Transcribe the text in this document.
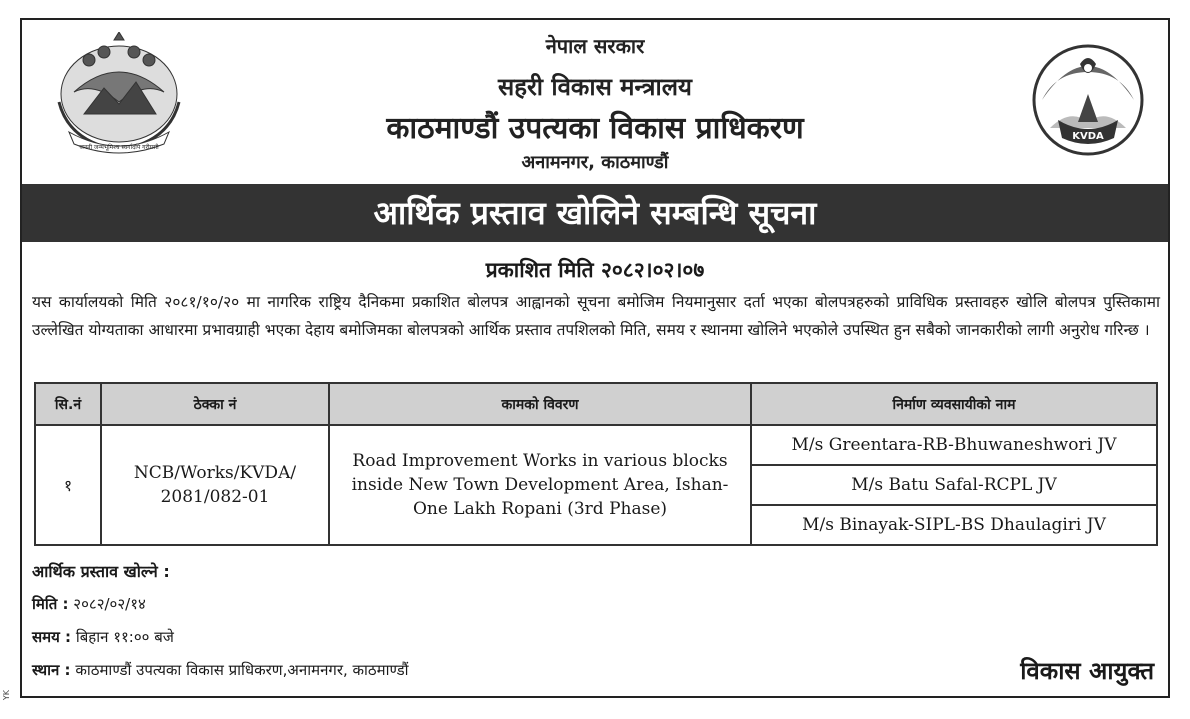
जननी जन्मभूमिश्च स्वर्गादपि गरीयसी
नेपाल सरकार
सहरी विकास मन्त्रालय
काठमाण्डौं उपत्यका विकास प्राधिकरण
अनामनगर, काठमाण्डौं
KVDA
आर्थिक प्रस्ताव खोलिने सम्बन्धि सूचना
प्रकाशित मिति २०८२।०२।०७
यस कार्यालयको मिति २०८१/१०/२० मा नागरिक राष्ट्रिय दैनिकमा प्रकाशित बोलपत्र आह्वानको सूचना बमोजिम नियमानुसार दर्ता भएका बोलपत्रहरुको प्राविधिक प्रस्तावहरु खोलि बोलपत्र पुस्तिकामा उल्लेखित योग्यताका आधारमा प्रभावग्राही भएका देहाय बमोजिमका बोलपत्रको आर्थिक प्रस्ताव तपशिलको मिति, समय र स्थानमा खोलिने भएकोले उपस्थित हुन सबैको जानकारीको लागी अनुरोध गरिन्छ ।
सि.नं	ठेक्का नं	कामको विवरण	निर्माण व्यवसायीको नाम
१	NCB/Works/KVDA/ 2081/082-01	Road Improvement Works in various blocks inside New Town Development Area, Ishan-One Lakh Ropani (3rd Phase)	M/s Greentara-RB-Bhuwaneshwori JV
			M/s Batu Safal-RCPL JV
			M/s Binayak-SIPL-BS Dhaulagiri JV
आर्थिक प्रस्ताव खोल्ने :
मिति : २०८२/०२/१४
समय : बिहान ११:०० बजे
स्थान : काठमाण्डौं उपत्यका विकास प्राधिकरण,अनामनगर, काठमाण्डौं	विकास आयुक्त
YK
